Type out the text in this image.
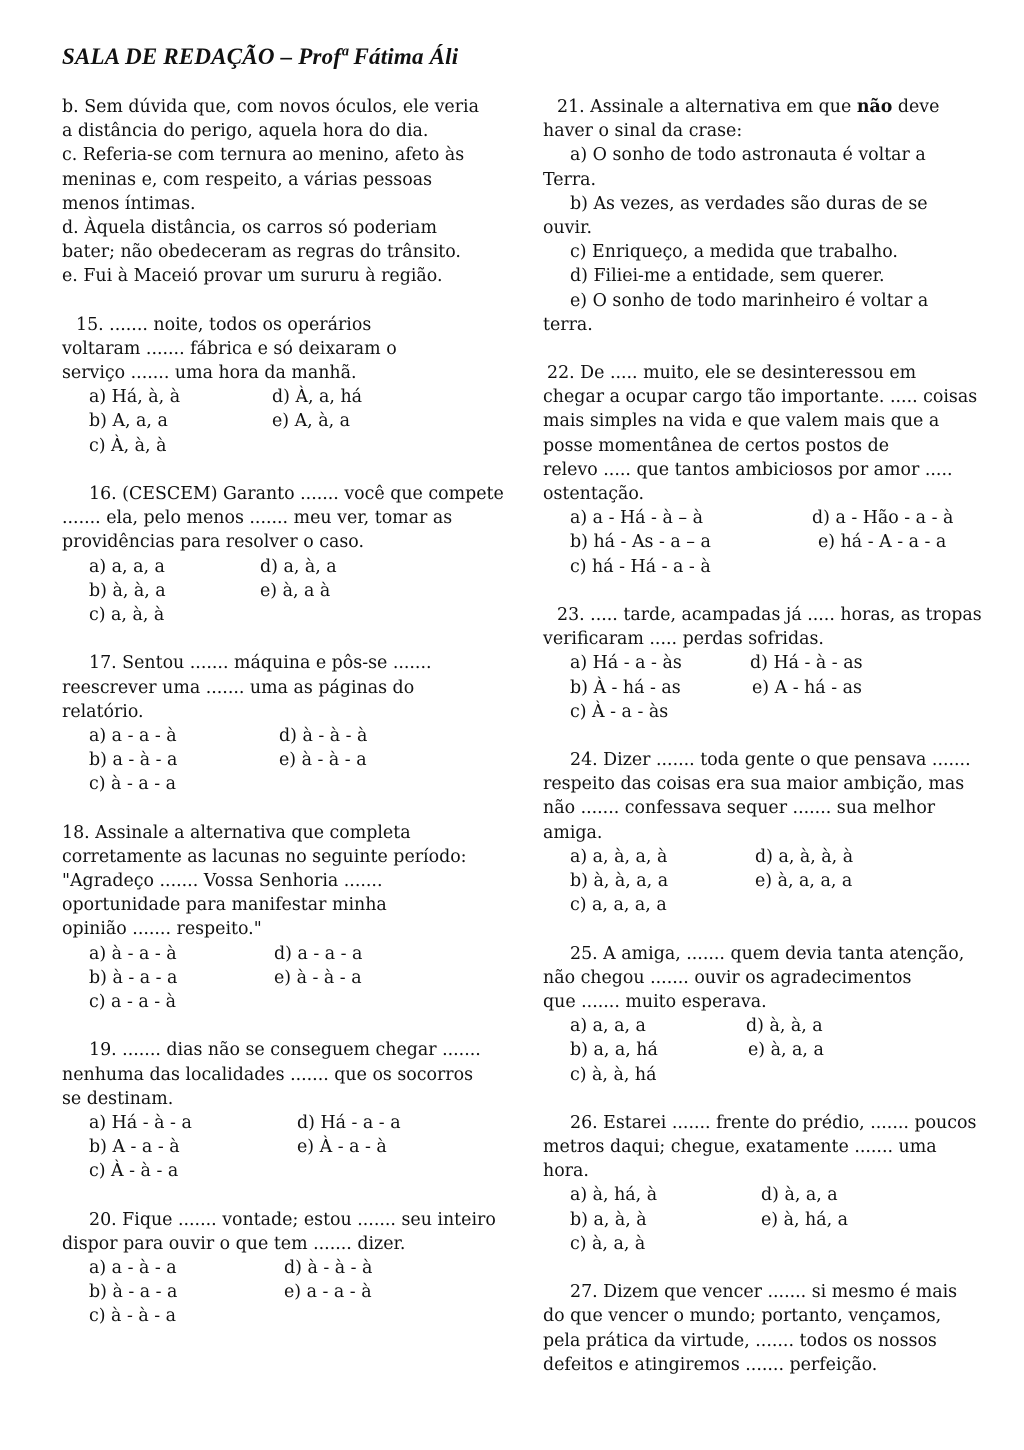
SALA DE REDAÇÃO – Profª Fátima Áli
b. Sem dúvida que, com novos óculos, ele veria
a distância do perigo, aquela hora do dia.
c. Referia-se com ternura ao menino, afeto às
meninas e, com respeito, a várias pessoas
menos íntimas.
d. Àquela distância, os carros só poderiam
bater; não obedeceram as regras do trânsito.
e. Fui à Maceió provar um sururu à região.
15. ....... noite, todos os operários
voltaram ....... fábrica e só deixaram o
serviço ....... uma hora da manhã.
a) Há, à, à	d) À, a, há
b) A, a, a	e) A, à, a
c) À, à, à
16. (CESCEM) Garanto ....... você que compete
....... ela, pelo menos ....... meu ver, tomar as
providências para resolver o caso.
a) a, a, a	d) a, à, a
b) à, à, a	e) à, a à
c) a, à, à
17. Sentou ....... máquina e pôs-se .......
reescrever uma ....... uma as páginas do
relatório.
a) a - a - à	d) à - à - à
b) a - à - a	e) à - à - a
c) à - a - a
18. Assinale a alternativa que completa
corretamente as lacunas no seguinte período:
"Agradeço ....... Vossa Senhoria .......
oportunidade para manifestar minha
opinião ....... respeito."
a) à - a - à	d) a - a - a
b) à - a - a	e) à - à - a
c) a - a - à
19. ....... dias não se conseguem chegar .......
nenhuma das localidades ....... que os socorros
se destinam.
a) Há - à - a	d) Há - a - a
b) A - a - à	e) À - a - à
c) À - à - a
20. Fique ....... vontade; estou ....... seu inteiro
dispor para ouvir o que tem ....... dizer.
a) a - à - a	d) à - à - à
b) à - a - a	e) a - a - à
c) à - à - a
21. Assinale a alternativa em que não deve
haver o sinal da crase:
a) O sonho de todo astronauta é voltar a
Terra.
b) As vezes, as verdades são duras de se
ouvir.
c) Enriqueço, a medida que trabalho.
d) Filiei-me a entidade, sem querer.
e) O sonho de todo marinheiro é voltar a
terra.
22. De ..... muito, ele se desinteressou em
chegar a ocupar cargo tão importante. ..... coisas
mais simples na vida e que valem mais que a
posse momentânea de certos postos de
relevo ..... que tantos ambiciosos por amor .....
ostentação.
a) a - Há - à – à	d) a - Hão - a - à
b) há - As - a – a	e) há - A - a - a
c) há - Há - a - à
23. ..... tarde, acampadas já ..... horas, as tropas
verificaram ..... perdas sofridas.
a) Há - a - às	d) Há - à - as
b) À - há - as	e) A - há - as
c) À - a - às
24. Dizer ....... toda gente o que pensava .......
respeito das coisas era sua maior ambição, mas
não ....... confessava sequer ....... sua melhor
amiga.
a) a, à, a, à	d) a, à, à, à
b) à, à, a, a	e) à, a, a, a
c) a, a, a, a
25. A amiga, ....... quem devia tanta atenção,
não chegou ....... ouvir os agradecimentos
que ....... muito esperava.
a) a, a, a	d) à, à, a
b) a, a, há	e) à, a, a
c) à, à, há
26. Estarei ....... frente do prédio, ....... poucos
metros daqui; chegue, exatamente ....... uma
hora.
a) à, há, à	d) à, a, a
b) a, à, à	e) à, há, a
c) à, a, à
27. Dizem que vencer ....... si mesmo é mais
do que vencer o mundo; portanto, vençamos,
pela prática da virtude, ....... todos os nossos
defeitos e atingiremos ....... perfeição.
